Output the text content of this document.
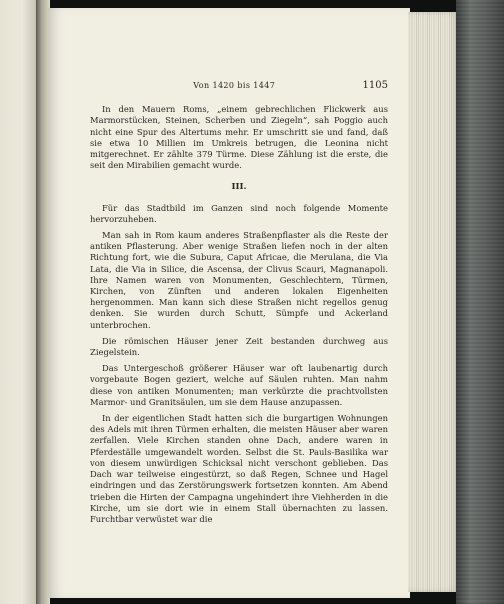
Von 1420 bis 1447	1105

In den Mauern Roms, „einem gebrechlichen Flickwerk aus Marmorstücken, Steinen, Scherben und Ziegeln“, sah Poggio auch nicht eine Spur des Altertums mehr. Er umschritt sie und fand, daß sie etwa 10 Millien im Umkreis betrugen, die Leonina nicht mitgerechnet. Er zählte 379 Türme. Diese Zählung ist die erste, die seit den Mirabilien gemacht wurde.

III.

Für das Stadtbild im Ganzen sind noch folgende Momente hervorzuheben.

Man sah in Rom kaum anderes Straßenpflaster als die Reste der antiken Pflasterung. Aber wenige Straßen liefen noch in der alten Richtung fort, wie die Subura, Caput Africae, die Merulana, die Via Lata, die Via in Silice, die Ascensa, der Clivus Scauri, Magnanapoli. Ihre Namen waren von Monumenten, Geschlechtern, Türmen, Kirchen, von Zünften und anderen lokalen Eigenheiten hergenommen. Man kann sich diese Straßen nicht regellos genug denken. Sie wurden durch Schutt, Sümpfe und Ackerland unterbrochen.

Die römischen Häuser jener Zeit bestanden durchweg aus Ziegelstein.

Das Untergeschoß größerer Häuser war oft laubenartig durch vorgebaute Bogen geziert, welche auf Säulen ruhten. Man nahm diese von antiken Monumenten; man verkürzte die prachtvollsten Marmor- und Granitsäulen, um sie dem Hause anzupassen.

In der eigentlichen Stadt hatten sich die burgartigen Wohnungen des Adels mit ihren Türmen erhalten, die meisten Häuser aber waren zerfallen. Viele Kirchen standen ohne Dach, andere waren in Pferdeställe umgewandelt worden. Selbst die St. Pauls-Basilika war von diesem unwürdigen Schicksal nicht verschont geblieben. Das Dach war teilweise eingestürzt, so daß Regen, Schnee und Hagel eindringen und das Zerstörungswerk fortsetzen konnten. Am Abend trieben die Hirten der Campagna ungehindert ihre Viehherden in die Kirche, um sie dort wie in einem Stall übernachten zu lassen. Furchtbar verwüstet war die
